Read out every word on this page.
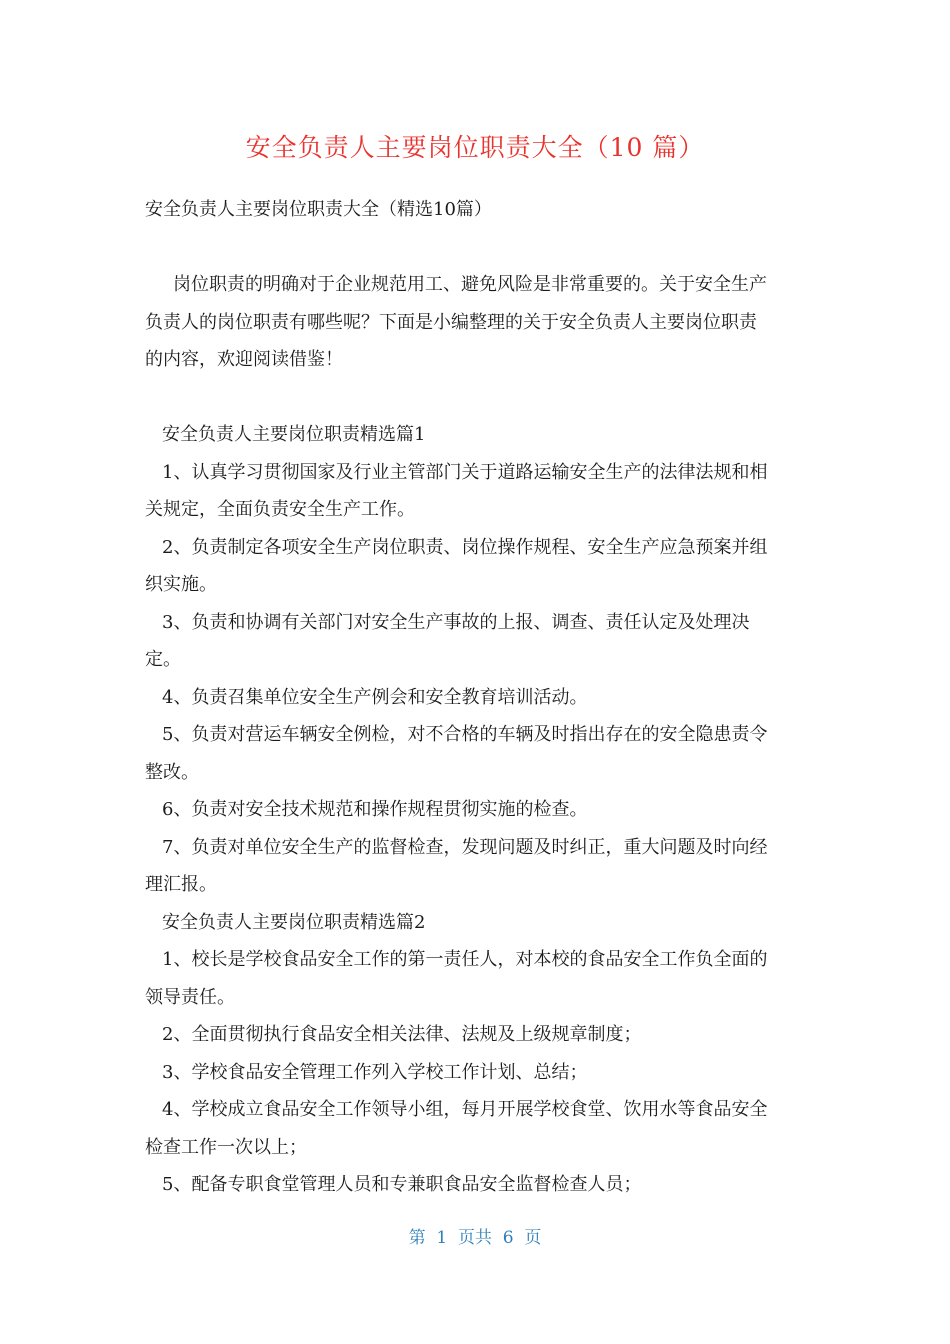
安全负责人主要岗位职责大全（10 篇）
安全负责人主要岗位职责大全（精选10篇）
岗位职责的明确对于企业规范用工、避免风险是非常重要的。关于安全生产
负责人的岗位职责有哪些呢？下面是小编整理的关于安全负责人主要岗位职责
的内容，欢迎阅读借鉴！
安全负责人主要岗位职责精选篇1
1、认真学习贯彻国家及行业主管部门关于道路运输安全生产的法律法规和相
关规定，全面负责安全生产工作。
2、负责制定各项安全生产岗位职责、岗位操作规程、安全生产应急预案并组
织实施。
3、负责和协调有关部门对安全生产事故的上报、调查、责任认定及处理决
定。
4、负责召集单位安全生产例会和安全教育培训活动。
5、负责对营运车辆安全例检，对不合格的车辆及时指出存在的安全隐患责令
整改。
6、负责对安全技术规范和操作规程贯彻实施的检查。
7、负责对单位安全生产的监督检查，发现问题及时纠正，重大问题及时向经
理汇报。
安全负责人主要岗位职责精选篇2
1、校长是学校食品安全工作的第一责任人，对本校的食品安全工作负全面的
领导责任。
2、全面贯彻执行食品安全相关法律、法规及上级规章制度；
3、学校食品安全管理工作列入学校工作计划、总结；
4、学校成立食品安全工作领导小组，每月开展学校食堂、饮用水等食品安全
检查工作一次以上；
5、配备专职食堂管理人员和专兼职食品安全监督检查人员；
第  1  页共  6  页
